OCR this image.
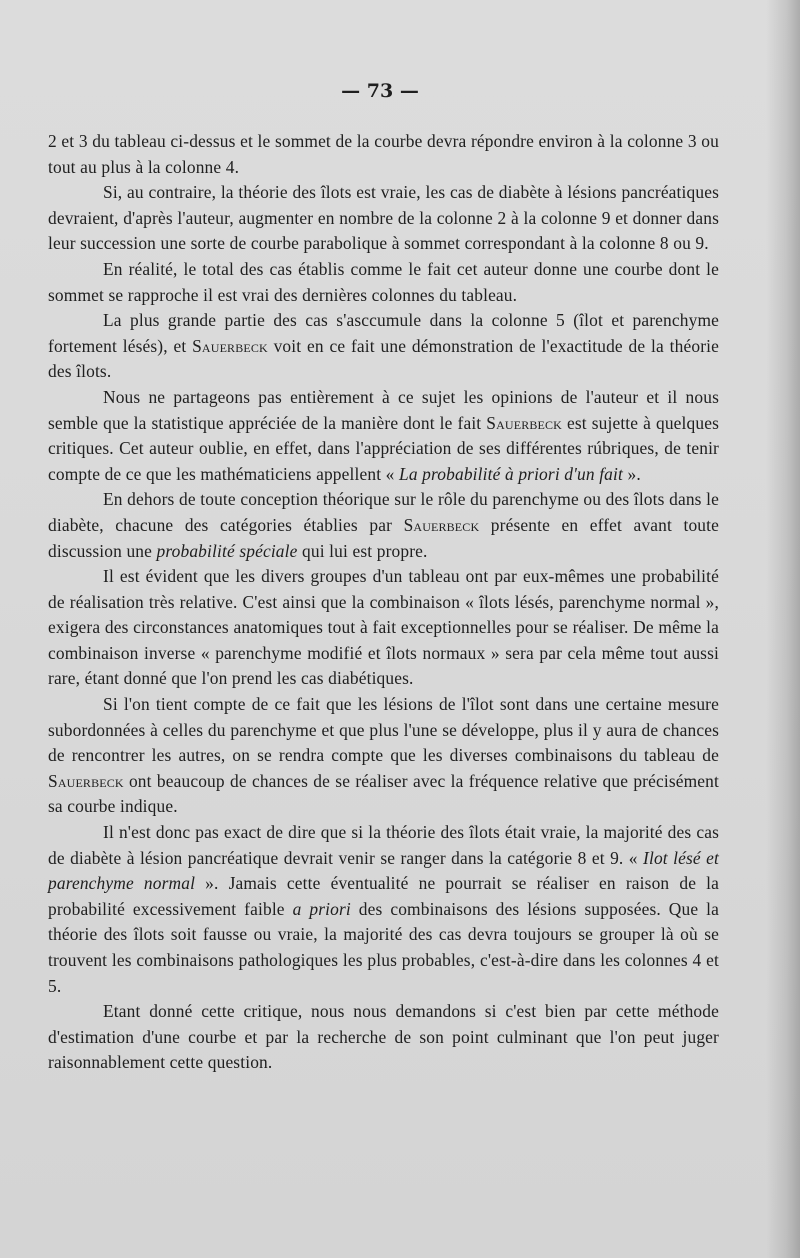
— 73 —

2 et 3 du tableau ci-dessus et le sommet de la courbe devra répondre environ à la colonne 3 ou tout au plus à la colonne 4.

Si, au contraire, la théorie des îlots est vraie, les cas de diabète à lésions pancréatiques devraient, d'après l'auteur, augmenter en nombre de la colonne 2 à la colonne 9 et donner dans leur succession une sorte de courbe parabolique à sommet correspondant à la colonne 8 ou 9.

En réalité, le total des cas établis comme le fait cet auteur donne une courbe dont le sommet se rapproche il est vrai des dernières colonnes du tableau.

La plus grande partie des cas s'asccumule dans la colonne 5 (îlot et parenchyme fortement lésés), et Sauerbeck voit en ce fait une démonstration de l'exactitude de la théorie des îlots.

Nous ne partageons pas entièrement à ce sujet les opinions de l'auteur et il nous semble que la statistique appréciée de la manière dont le fait Sauerbeck est sujette à quelques critiques. Cet auteur oublie, en effet, dans l'appréciation de ses différentes rúbriques, de tenir compte de ce que les mathématiciens appellent « La probabilité à priori d'un fait ».

En dehors de toute conception théorique sur le rôle du parenchyme ou des îlots dans le diabète, chacune des catégories établies par Sauerbeck présente en effet avant toute discussion une probabilité spéciale qui lui est propre.

Il est évident que les divers groupes d'un tableau ont par eux-mêmes une probabilité de réalisation très relative. C'est ainsi que la combinaison « îlots lésés, parenchyme normal », exigera des circonstances anatomiques tout à fait exceptionnelles pour se réaliser. De même la combinaison inverse « parenchyme modifié et îlots normaux » sera par cela même tout aussi rare, étant donné que l'on prend les cas diabétiques.

Si l'on tient compte de ce fait que les lésions de l'îlot sont dans une certaine mesure subordonnées à celles du parenchyme et que plus l'une se développe, plus il y aura de chances de rencontrer les autres, on se rendra compte que les diverses combinaisons du tableau de Sauerbeck ont beaucoup de chances de se réaliser avec la fréquence relative que précisément sa courbe indique.

Il n'est donc pas exact de dire que si la théorie des îlots était vraie, la majorité des cas de diabète à lésion pancréatique devrait venir se ranger dans la catégorie 8 et 9. « Ilot lésé et parenchyme normal ». Jamais cette éventualité ne pourrait se réaliser en raison de la probabilité excessivement faible a priori des combinaisons des lésions supposées. Que la théorie des îlots soit fausse ou vraie, la majorité des cas devra toujours se grouper là où se trouvent les combinaisons pathologiques les plus probables, c'est-à-dire dans les colonnes 4 et 5.

Etant donné cette critique, nous nous demandons si c'est bien par cette méthode d'estimation d'une courbe et par la recherche de son point culminant que l'on peut juger raisonnablement cette question.
